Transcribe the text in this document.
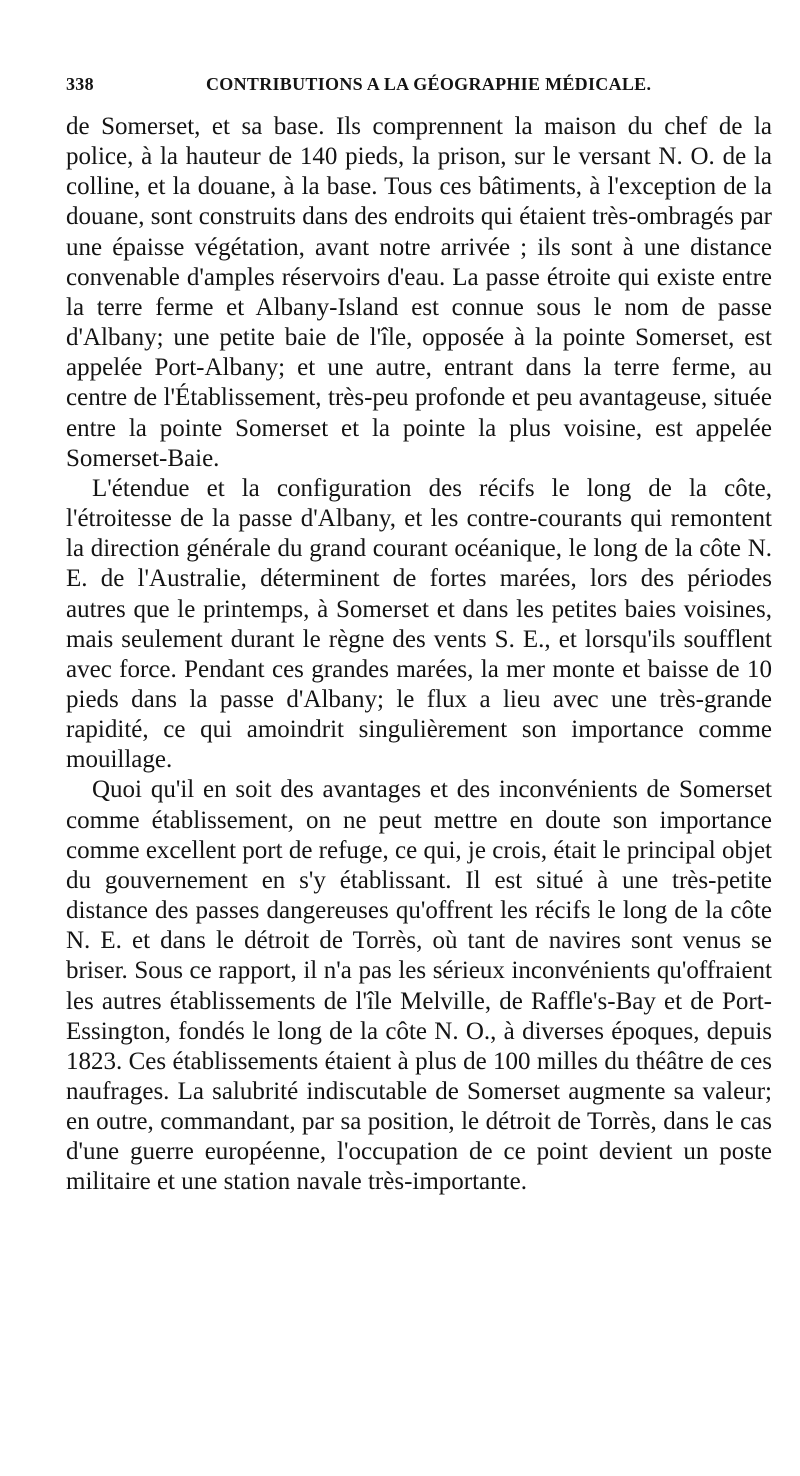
338	CONTRIBUTIONS A LA GÉOGRAPHIE MÉDICALE.

de Somerset, et sa base. Ils comprennent la maison du chef de la police, à la hauteur de 140 pieds, la prison, sur le versant N. O. de la colline, et la douane, à la base. Tous ces bâtiments, à l'exception de la douane, sont construits dans des endroits qui étaient très-ombragés par une épaisse végétation, avant notre arrivée ; ils sont à une distance convenable d'amples réservoirs d'eau. La passe étroite qui existe entre la terre ferme et Albany-Island est connue sous le nom de passe d'Albany; une petite baie de l'île, opposée à la pointe Somerset, est appelée Port-Albany; et une autre, entrant dans la terre ferme, au centre de l'Établissement, très-peu profonde et peu avantageuse, située entre la pointe Somerset et la pointe la plus voisine, est appelée Somerset-Baie.

L'étendue et la configuration des récifs le long de la côte, l'étroitesse de la passe d'Albany, et les contre-courants qui remontent la direction générale du grand courant océanique, le long de la côte N. E. de l'Australie, déterminent de fortes marées, lors des périodes autres que le printemps, à Somerset et dans les petites baies voisines, mais seulement durant le règne des vents S. E., et lorsqu'ils soufflent avec force. Pendant ces grandes marées, la mer monte et baisse de 10 pieds dans la passe d'Albany; le flux a lieu avec une très-grande rapidité, ce qui amoindrit singulièrement son importance comme mouillage.

Quoi qu'il en soit des avantages et des inconvénients de Somerset comme établissement, on ne peut mettre en doute son importance comme excellent port de refuge, ce qui, je crois, était le principal objet du gouvernement en s'y établissant. Il est situé à une très-petite distance des passes dangereuses qu'offrent les récifs le long de la côte N. E. et dans le détroit de Torrès, où tant de navires sont venus se briser. Sous ce rapport, il n'a pas les sérieux inconvénients qu'offraient les autres établissements de l'île Melville, de Raffle's-Bay et de Port-Essington, fondés le long de la côte N. O., à diverses époques, depuis 1823. Ces établissements étaient à plus de 100 milles du théâtre de ces naufrages. La salubrité indiscutable de Somerset augmente sa valeur; en outre, commandant, par sa position, le détroit de Torrès, dans le cas d'une guerre européenne, l'occupation de ce point devient un poste militaire et une station navale très-importante.
